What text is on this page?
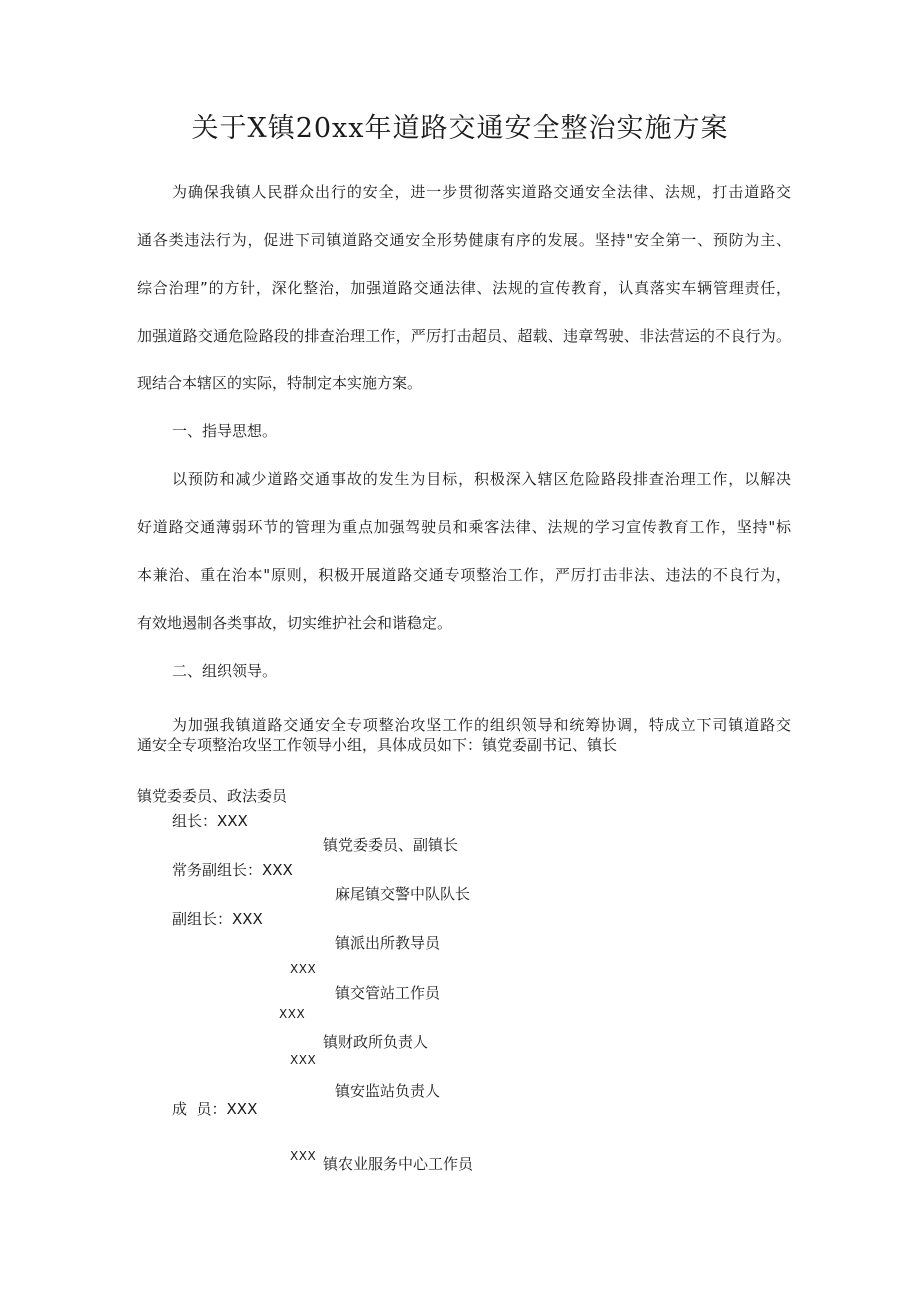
关于X镇20xx年道路交通安全整治实施方案
为确保我镇人民群众出行的安全，进一步贯彻落实道路交通安全法律、法规，打击道路交
通各类违法行为，促进下司镇道路交通安全形势健康有序的发展。坚持"安全第一、预防为主、
综合治理”的方针，深化整治，加强道路交通法律、法规的宣传教育，认真落实车辆管理责任，
加强道路交通危险路段的排查治理工作，严厉打击超员、超载、违章驾驶、非法营运的不良行为。
现结合本辖区的实际，特制定本实施方案。
一、指导思想。
以预防和减少道路交通事故的发生为目标，积极深入辖区危险路段排查治理工作，以解决
好道路交通薄弱环节的管理为重点加强驾驶员和乘客法律、法规的学习宣传教育工作，坚持"标
本兼治、重在治本"原则，积极开展道路交通专项整治工作，严厉打击非法、违法的不良行为，
有效地遏制各类事故，切实维护社会和谐稳定。
二、组织领导。
为加强我镇道路交通安全专项整治攻坚工作的组织领导和统筹协调，特成立下司镇道路交
通安全专项整治攻坚工作领导小组，具体成员如下：镇党委副书记、镇长
镇党委委员、政法委员
组长：XXX
镇党委委员、副镇长
常务副组长：XXX
麻尾镇交警中队队长
副组长：XXX
镇派出所教导员
XXX
镇交管站工作员
XXX
镇财政所负责人
XXX
镇安监站负责人
成  员：XXX
XXX 镇农业服务中心工作员
